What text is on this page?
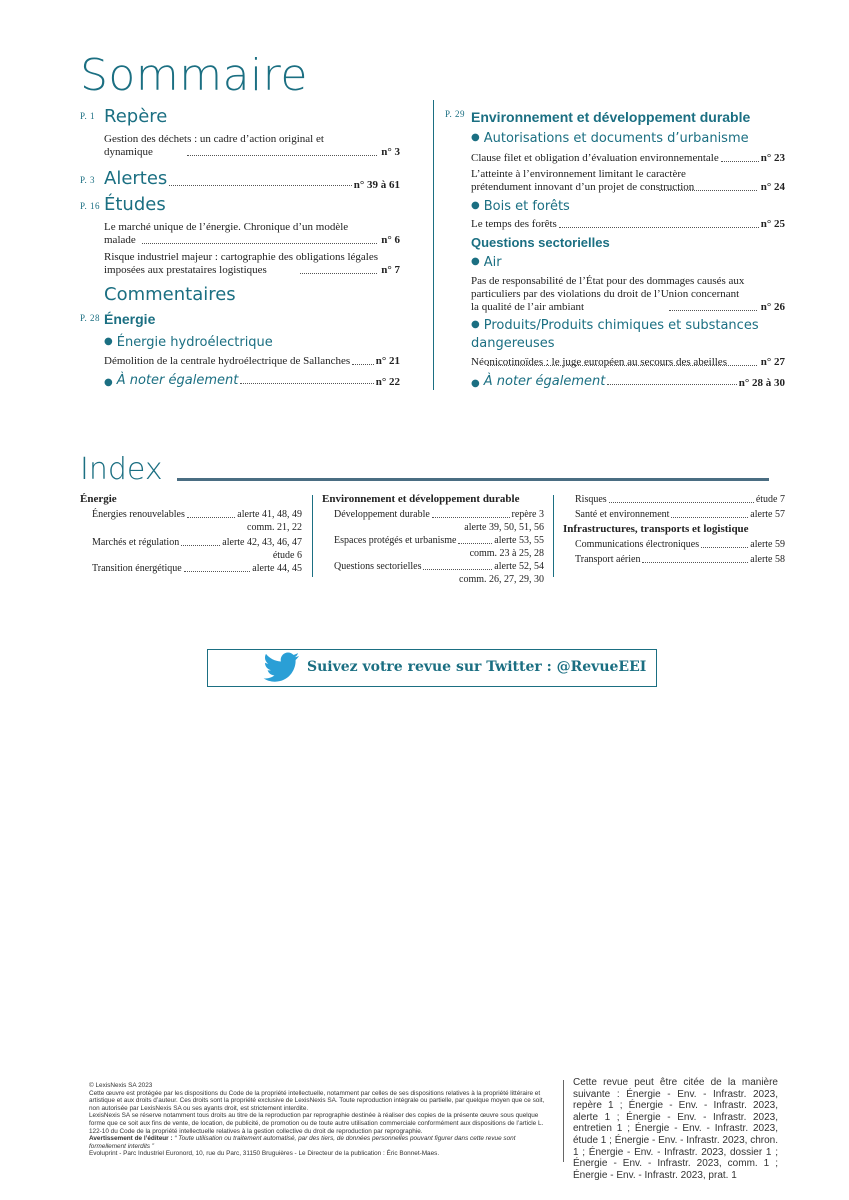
Sommaire
P. 1 Repère
Gestion des déchets : un cadre d’action original et dynamique	n° 3
P. 3 Alertes	n° 39 à 61
P. 16 Études
Le marché unique de l’énergie. Chronique d’un modèle malade	n° 6
Risque industriel majeur : cartographie des obligations légales imposées aux prestataires logistiques	n° 7
Commentaires
P. 28 Énergie
● Énergie hydroélectrique
Démolition de la centrale hydroélectrique de Sallanches n° 21
● À noter également	n° 22
P. 29 Environnement et développement durable
● Autorisations et documents d’urbanisme
Clause filet et obligation d’évaluation environnementale	n° 23
L’atteinte à l’environnement limitant le caractère prétendument innovant d’un projet de construction	n° 24
● Bois et forêts
Le temps des forêts	n° 25
Questions sectorielles
● Air
Pas de responsabilité de l’État pour des dommages causés aux particuliers par des violations du droit de l’Union concernant la qualité de l’air ambiant	n° 26
● Produits/Produits chimiques et substances dangereuses
Néonicotinoïdes : le juge européen au secours des abeilles	n° 27
● À noter également	n° 28 à 30
Index
Énergie
Énergies renouvelables	alerte 41, 48, 49
comm. 21, 22
Marchés et régulation	alerte 42, 43, 46, 47
étude 6
Transition énergétique	alerte 44, 45
Environnement et développement durable
Développement durable	repère 3
alerte 39, 50, 51, 56
Espaces protégés et urbanisme	alerte 53, 55
comm. 23 à 25, 28
Questions sectorielles	alerte 52, 54
comm. 26, 27, 29, 30
Risques	étude 7
Santé et environnement	alerte 57
Infrastructures, transports et logistique
Communications électroniques	alerte 59
Transport aérien	alerte 58
Suivez votre revue sur Twitter : @RevueEEI

© LexisNexis SA 2023

Cette œuvre est protégée par les dispositions du Code de la propriété intellectuelle, notamment par celles de ses dispositions relatives à la propriété littéraire et artistique et aux droits d’auteur. Ces droits sont la propriété exclusive de LexisNexis SA. Toute reproduction intégrale ou partielle, par quelque moyen que ce soit, non autorisée par LexisNexis SA ou ses ayants droit, est strictement interdite.

LexisNexis SA se réserve notamment tous droits au titre de la reproduction par reprographie destinée à réaliser des copies de la présente œuvre sous quelque forme que ce soit aux fins de vente, de location, de publicité, de promotion ou de toute autre utilisation commerciale conformément aux dispositions de l’article L. 122-10 du Code de la propriété intellectuelle relatives à la gestion collective du droit de reproduction par reprographie.

Avertissement de l’éditeur : “ Toute utilisation ou traitement automatisé, par des tiers, de données personnelles pouvant figurer dans cette revue sont formellement interdits ”

Evoluprint - Parc Industriel Euronord, 10, rue du Parc, 31150 Bruguières - Le Directeur de la publication : Éric Bonnet-Maes.

Cette revue peut être citée de la manière suivante : Énergie - Env. - Infrastr. 2023, repère 1 ; Énergie - Env. - Infrastr. 2023, alerte 1 ; Énergie - Env. - Infrastr. 2023, entretien 1 ; Énergie - Env. - Infrastr. 2023, étude 1 ; Énergie - Env. - Infrastr. 2023, chron. 1 ; Énergie - Env. - Infrastr. 2023, dossier 1 ; Énergie - Env. - Infrastr. 2023, comm. 1 ; Énergie - Env. - Infrastr. 2023, prat. 1
